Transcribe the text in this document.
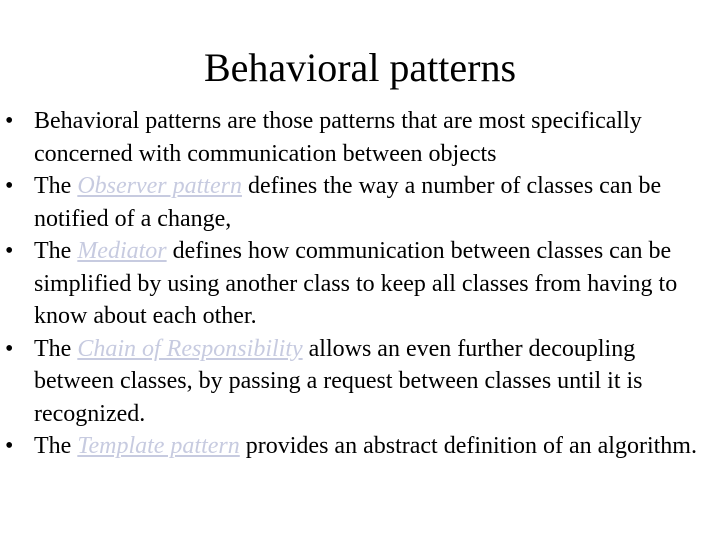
Behavioral patterns
• Behavioral patterns are those patterns that are most specifically concerned with communication between objects
• The Observer pattern defines the way a number of classes can be notified of a change,
• The Mediator defines how communication between classes can be simplified by using another class to keep all classes from having to know about each other.
• The Chain of Responsibility allows an even further decoupling between classes, by passing a request between classes until it is recognized.
• The Template pattern provides an abstract definition of an algorithm.
